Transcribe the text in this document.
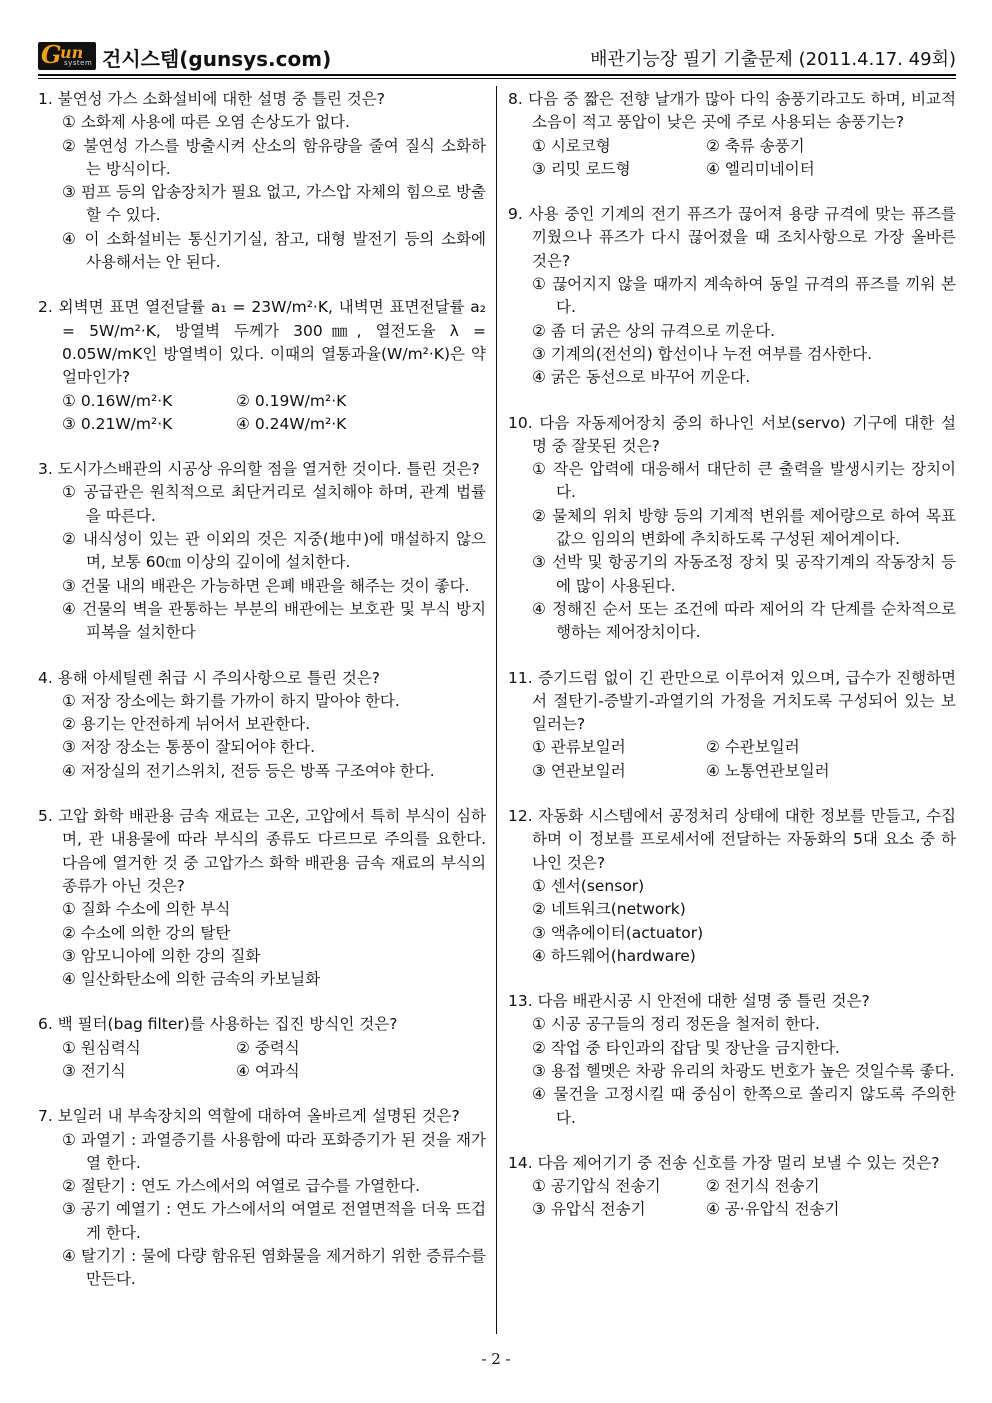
G
un
system 건시스템(gunsys.com)	배관기능장 필기 기출문제 (2011.4.17. 49회)
1. 불연성 가스 소화설비에 대한 설명 중 틀린 것은?
① 소화제 사용에 따른 오염 손상도가 없다.
② 불연성 가스를 방출시켜 산소의 함유량을 줄여 질식 소화하는 방식이다.
③ 펌프 등의 압송장치가 필요 없고, 가스압 자체의 힘으로 방출할 수 있다.
④ 이 소화설비는 통신기기실, 참고, 대형 발전기 등의 소화에 사용해서는 안 된다.
2. 외벽면 표면 열전달률 a₁ = 23W/m²·K, 내벽면 표면전달률 a₂ = 5W/m²·K, 방열벽 두께가 300㎜, 열전도율 λ = 0.05W/mK인 방열벽이 있다. 이때의 열통과율(W/m²·K)은 약 얼마인가?
① 0.16W/m²·K	② 0.19W/m²·K
③ 0.21W/m²·K	④ 0.24W/m²·K
3. 도시가스배관의 시공상 유의할 점을 열거한 것이다. 틀린 것은?
① 공급관은 원칙적으로 최단거리로 설치해야 하며, 관계 법률을 따른다.
② 내식성이 있는 관 이외의 것은 지중(地中)에 매설하지 않으며, 보통 60㎝ 이상의 깊이에 설치한다.
③ 건물 내의 배관은 가능하면 은폐 배관을 해주는 것이 좋다.
④ 건물의 벽을 관통하는 부분의 배관에는 보호관 및 부식 방지 피복을 설치한다
4. 용해 아세틸렌 취급 시 주의사항으로 틀린 것은?
① 저장 장소에는 화기를 가까이 하지 말아야 한다.
② 용기는 안전하게 뉘어서 보관한다.
③ 저장 장소는 통풍이 잘되어야 한다.
④ 저장실의 전기스위치, 전등 등은 방폭 구조여야 한다.
5. 고압 화학 배관용 금속 재료는 고온, 고압에서 특히 부식이 심하며, 관 내용물에 따라 부식의 종류도 다르므로 주의를 요한다. 다음에 열거한 것 중 고압가스 화학 배관용 금속 재료의 부식의 종류가 아닌 것은?
① 질화 수소에 의한 부식
② 수소에 의한 강의 탈탄
③ 암모니아에 의한 강의 질화
④ 일산화탄소에 의한 금속의 카보닐화
6. 백 필터(bag filter)를 사용하는 집진 방식인 것은?
① 원심력식	② 중력식
③ 전기식	④ 여과식
7. 보일러 내 부속장치의 역할에 대하여 올바르게 설명된 것은?
① 과열기 : 과열증기를 사용함에 따라 포화증기가 된 것을 재가열 한다.
② 절탄기 : 연도 가스에서의 여열로 급수를 가열한다.
③ 공기 예열기 : 연도 가스에서의 여열로 전열면적을 더욱 뜨겁게 한다.
④ 탈기기 : 물에 다량 함유된 염화물을 제거하기 위한 증류수를 만든다.
8. 다음 중 짧은 전향 날개가 많아 다익 송풍기라고도 하며, 비교적 소음이 적고 풍압이 낮은 곳에 주로 사용되는 송풍기는?
① 시로코형	② 축류 송풍기
③ 리밋 로드형	④ 엘리미네이터
9. 사용 중인 기계의 전기 퓨즈가 끊어져 용량 규격에 맞는 퓨즈를 끼웠으나 퓨즈가 다시 끊어졌을 때 조치사항으로 가장 올바른 것은?
① 끊어지지 않을 때까지 계속하여 동일 규격의 퓨즈를 끼워 본다.
② 좀 더 굵은 상의 규격으로 끼운다.
③ 기계의(전선의) 합선이나 누전 여부를 검사한다.
④ 굵은 동선으로 바꾸어 끼운다.
10. 다음 자동제어장치 중의 하나인 서보(servo) 기구에 대한 설명 중 잘못된 것은?
① 작은 압력에 대응해서 대단히 큰 출력을 발생시키는 장치이다.
② 물체의 위치 방향 등의 기계적 변위를 제어량으로 하여 목표값으 임의의 변화에 추치하도록 구성된 제어계이다.
③ 선박 및 항공기의 자동조정 장치 및 공작기계의 작동장치 등에 많이 사용된다.
④ 정해진 순서 또는 조건에 따라 제어의 각 단계를 순차적으로 행하는 제어장치이다.
11. 증기드럼 없이 긴 관만으로 이루어져 있으며, 급수가 진행하면서 절탄기-증발기-과열기의 가정을 거치도록 구성되어 있는 보일러는?
① 관류보일러	② 수관보일러
③ 연관보일러	④ 노통연관보일러
12. 자동화 시스템에서 공정처리 상태에 대한 정보를 만들고, 수집하며 이 정보를 프로세서에 전달하는 자동화의 5대 요소 중 하나인 것은?
① 센서(sensor)
② 네트워크(network)
③ 액츄에이터(actuator)
④ 하드웨어(hardware)
13. 다음 배관시공 시 안전에 대한 설명 중 틀린 것은?
① 시공 공구들의 정리 정돈을 철저히 한다.
② 작업 중 타인과의 잡담 및 장난을 금지한다.
③ 용접 헬멧은 차광 유리의 차광도 번호가 높은 것일수록 좋다.
④ 물건을 고정시킬 때 중심이 한쪽으로 쏠리지 않도록 주의한다.
14. 다음 제어기기 중 전송 신호를 가장 멀리 보낼 수 있는 것은?
① 공기압식 전송기	② 전기식 전송기
③ 유압식 전송기	④ 공·유압식 전송기
- 2 -
